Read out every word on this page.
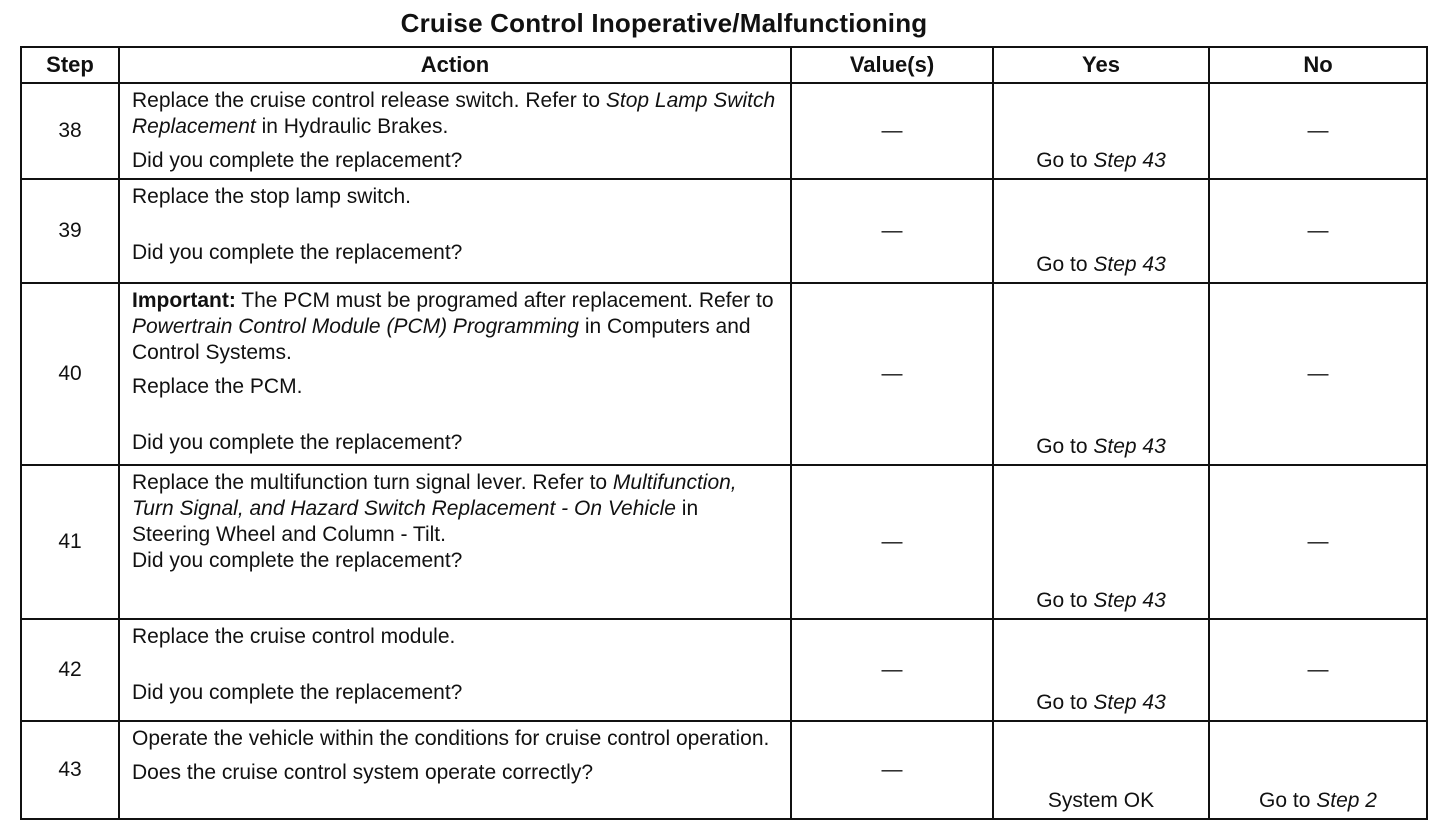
Cruise Control Inoperative/Malfunctioning
Step	Action	Value(s)	Yes	No
38	Replace the cruise control release switch. Refer to Stop Lamp Switch Replacement in Hydraulic Brakes.
Did you complete the replacement?	—	Go to Step 43	—
39	Replace the stop lamp switch.
Did you complete the replacement?	—	Go to Step 43	—
40	Important: The PCM must be programed after replacement. Refer to Powertrain Control Module (PCM) Programming in Computers and Control Systems.
Replace the PCM.
Did you complete the replacement?	—	Go to Step 43	—
41	Replace the multifunction turn signal lever. Refer to Multifunction, Turn Signal, and Hazard Switch Replacement - On Vehicle in Steering Wheel and Column - Tilt.
Did you complete the replacement?	—	Go to Step 43	—
42	Replace the cruise control module.
Did you complete the replacement?	—	Go to Step 43	—
43	Operate the vehicle within the conditions for cruise control operation.
Does the cruise control system operate correctly?	—	System OK	Go to Step 2
